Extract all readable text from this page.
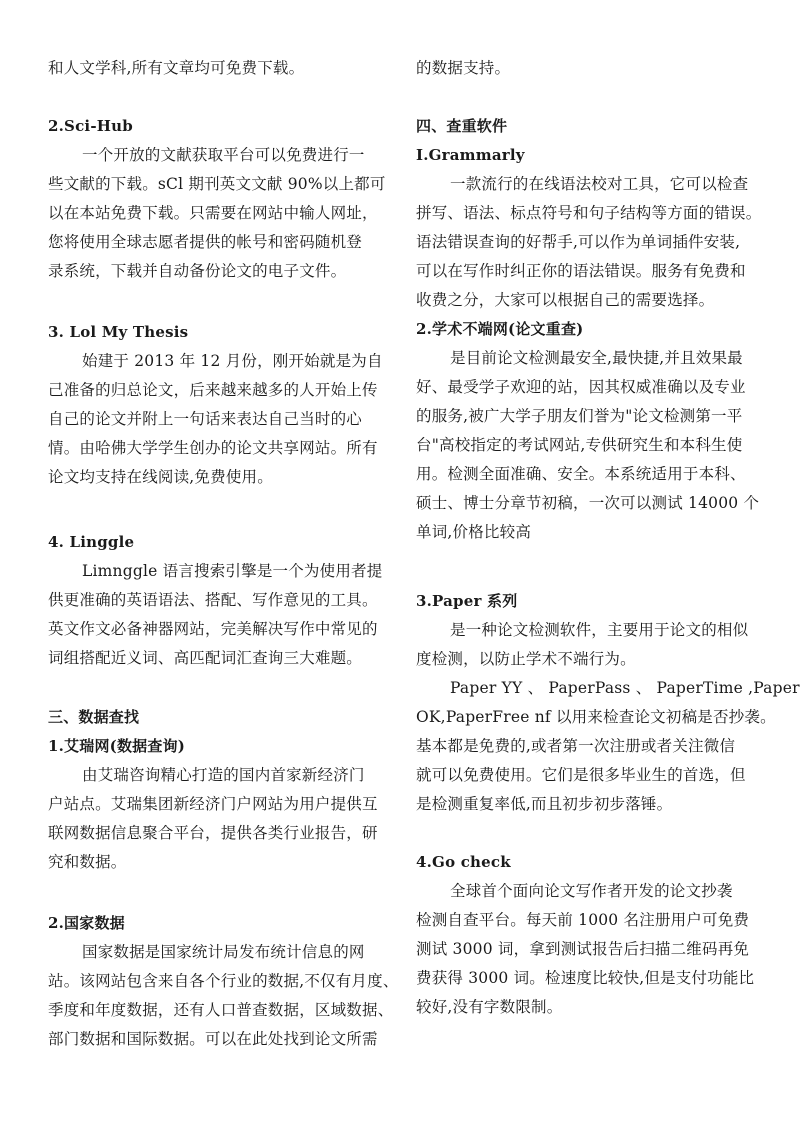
和人文学科,所有文章均可免费下载。
2.Sci-Hub
一个开放的文献获取平台可以免费进行一
些文献的下载。sCl 期刊英文文献 90%以上都可
以在本站免费下载。只需要在网站中输人网址，
您将使用全球志愿者提供的帐号和密码随机登
录系统，下载并自动备份论文的电子文件。
3. Lol My Thesis
始建于 2013 年 12 月份，刚开始就是为自
己准备的归总论文，后来越来越多的人开始上传
自己的论文并附上一句话来表达自己当时的心
情。由哈佛大学学生创办的论文共享网站。所有
论文均支持在线阅读,免费使用。
4. Linggle
Limnggle 语言搜索引擎是一个为使用者提
供更准确的英语语法、搭配、写作意见的工具。
英文作文必备神器网站，完美解决写作中常见的
词组搭配近义词、高匹配词汇查询三大难题。
三、数据查找
1.艾瑞网(数据查询)
由艾瑞咨询精心打造的国内首家新经济门
户站点。艾瑞集团新经济门户网站为用户提供互
联网数据信息聚合平台，提供各类行业报告，研
究和数据。
2.国家数据
国家数据是国家统计局发布统计信息的网
站。该网站包含来自各个行业的数据,不仅有月度、
季度和年度数据，还有人口普查数据，区域数据、
部门数据和国际数据。可以在此处找到论文所需
的数据支持。
四、查重软件
I.Grammarly
一款流行的在线语法校对工具，它可以检查
拼写、语法、标点符号和句子结构等方面的错误。
语法错误查询的好帮手,可以作为单词插件安装,
可以在写作时纠正你的语法错误。服务有免费和
收费之分，大家可以根据自己的需要选择。
2.学术不端网(论文重查)
是目前论文检测最安全,最快捷,并且效果最
好、最受学子欢迎的站，因其权威准确以及专业
的服务,被广大学子朋友们誉为"论文检测第一平
台"高校指定的考试网站,专供研究生和本科生使
用。检测全面准确、安全。本系统适用于本科、
硕士、博士分章节初稿，一次可以测试 14000 个
单词,价格比较高
3.Paper 系列
是一种论文检测软件，主要用于论文的相似
度检测，以防止学术不端行为。
Paper YY 、 PaperPass 、 PaperTime ,Paper
OK,PaperFree nf 以用来检查论文初稿是否抄袭。
基本都是免费的,或者第一次注册或者关注微信
就可以免费使用。它们是很多毕业生的首选，但
是检测重复率低,而且初步初步落锤。
4.Go check
全球首个面向论文写作者开发的论文抄袭
检测自查平台。每天前 1000 名注册用户可免费
测试 3000 词，拿到测试报告后扫描二维码再免
费获得 3000 词。检速度比较快,但是支付功能比
较好,没有字数限制。
